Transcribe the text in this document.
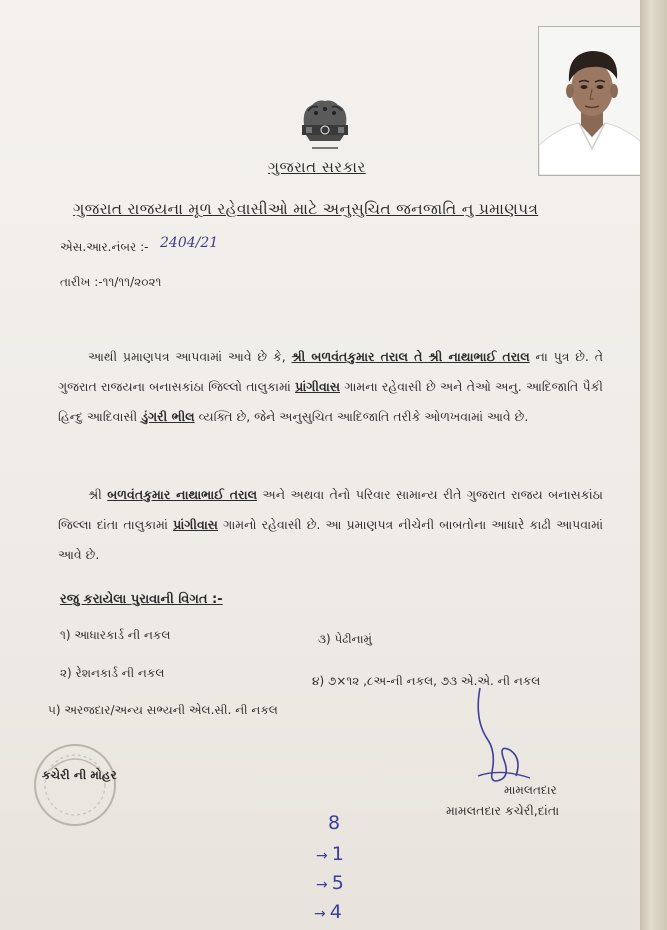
ગુજરાત સરકાર
ગુજરાત રાજયના મૂળ રહેવાસીઓ માટે અનુસુચિત જનજાતિ નુ પ્રમાણપત્ર
એસ.આર.નંબર :- 2404/21
તારીખ :-૧૧/૧૧/૨૦૨૧
આથી પ્રમાણપત્ર આપવામાં આવે છે કે, શ્રી બળવંતકુમાર તરાલ તે શ્રી નાથાભાઈ તરાલ ના પુત્ર છે. તે ગુજરાત રાજયના બનાસકાંઠા જિલ્લો તાલુકામાં પ્રાંગીવાસ ગામના રહેવાસી છે અને તેઓ અનુ. આદિજાતિ પૈકી હિન્દુ આદિવાસી ડુંગરી ભીલ વ્યક્તિ છે, જેને અનુસુચિત આદિજાતિ તરીકે ઓળખવામાં આવે છે.
શ્રી બળવંતકુમાર નાથાભાઈ તરાલ અને અથવા તેનો પરિવાર સામાન્ય રીતે ગુજરાત રાજય બનાસકાંઠા જિલ્લા દાંતા તાલુકામાં પ્રાંગીવાસ ગામનો રહેવાસી છે. આ પ્રમાણપત્ર નીચેની બાબતોના આધારે કાઢી આપવામાં આવે છે.
રજુ કરાયેલા પુરાવાની વિગત :-
૧) આધારકાર્ડ ની નકલ
૨) રેશનકાર્ડ ની નકલ
૩) પેઢીનામું
૪) ૭×૧૨ ,૮અ-ની નકલ, ૭૩ એ.એ. ની નકલ
૫) અરજદાર/અન્ય સભ્યની એલ.સી. ની નકલ
કચેરી ની મોહર
મામલતદાર
મામલતદાર કચેરી,દાંતા
8
→ 1
→ 5
→ 4
